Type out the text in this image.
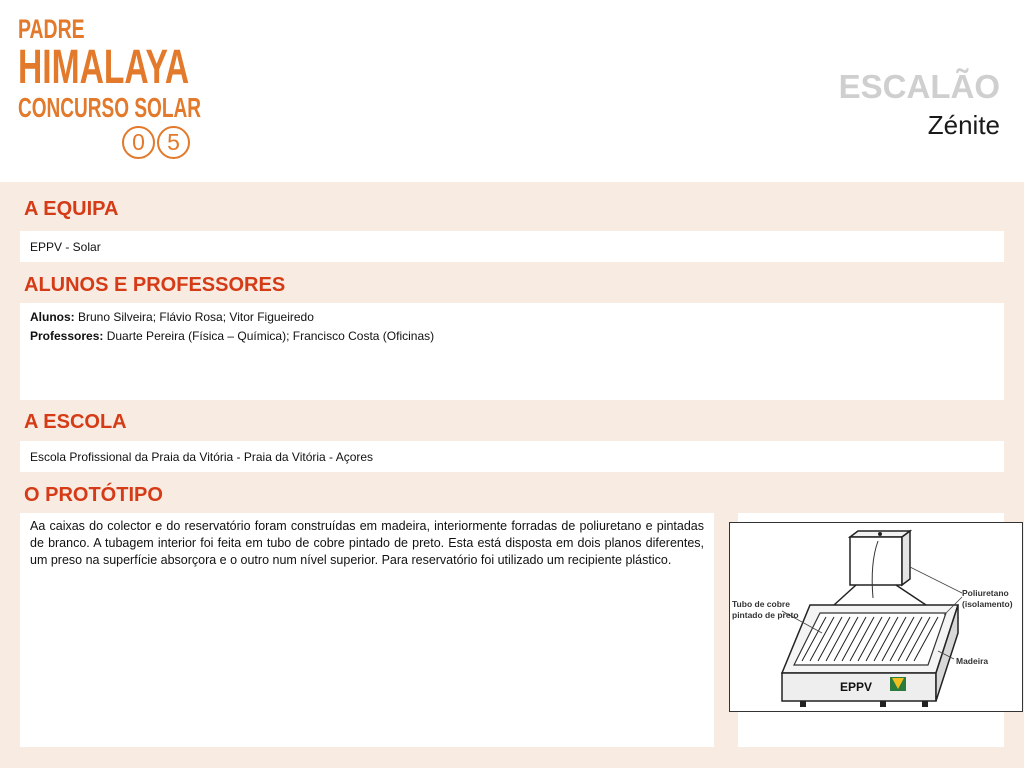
PADRE
HIMALAYA
CONCURSO SOLAR
0 5
ESCALÃO
Zénite
A EQUIPA
EPPV - Solar
ALUNOS E PROFESSORES
Alunos: Bruno Silveira; Flávio Rosa; Vitor Figueiredo
Professores: Duarte Pereira (Física – Química); Francisco Costa (Oficinas)
A ESCOLA
Escola Profissional da Praia da Vitória - Praia da Vitória - Açores
O PROTÓTIPO
Aa caixas do colector e do reservatório foram construídas em madeira, interiormente forradas de poliuretano e pintadas de branco. A tubagem interior foi feita em tubo de cobre pintado de preto. Esta está disposta em dois planos diferentes, um preso na superfície absorçora e o outro num nível superior. Para reservatório foi utilizado um recipiente plástico.
EPPV
Tubo de cobre
pintado de preto
Poliuretano
(isolamento)
Madeira
